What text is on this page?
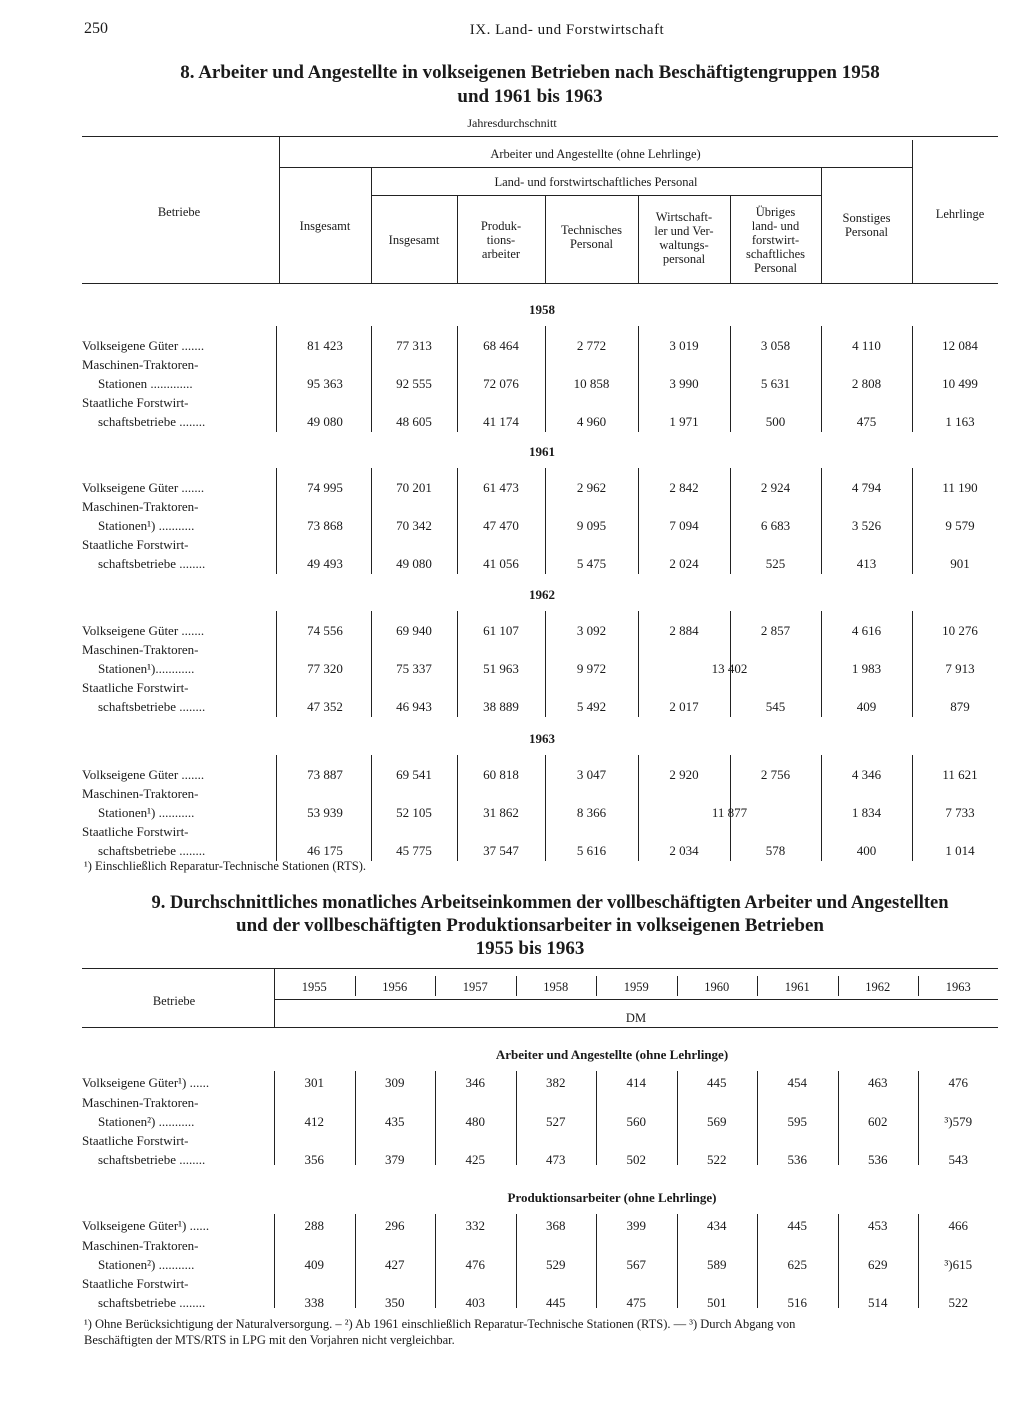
250	IX. Land- und Forstwirtschaft
8. Arbeiter und Angestellte in volkseigenen Betrieben nach Beschäftigtengruppen 1958
und 1961 bis 1963
Jahresdurchschnitt
Betriebe
Arbeiter und Angestellte (ohne Lehrlinge)
Land- und forstwirtschaftliches Personal
Insgesamt
Insgesamt
Produk-
tions-
arbeiter
Technisches
Personal
Wirtschaft-
ler und Ver-
waltungs-
personal
Übriges
land- und
forstwirt-
schaftliches
Personal
Sonstiges
Personal
Lehrlinge
1958
Volkseigene Güter .......	81 423	77 313	68 464	2 772	3 019	3 058	4 110	12 084
Maschinen-Traktoren-
Stationen .............	95 363	92 555	72 076	10 858	3 990	5 631	2 808	10 499
Staatliche Forstwirt-
schaftsbetriebe ........	49 080	48 605	41 174	4 960	1 971	500	475	1 163
1961
Volkseigene Güter .......	74 995	70 201	61 473	2 962	2 842	2 924	4 794	11 190
Maschinen-Traktoren-
Stationen¹) ...........	73 868	70 342	47 470	9 095	7 094	6 683	3 526	9 579
Staatliche Forstwirt-
schaftsbetriebe ........	49 493	49 080	41 056	5 475	2 024	525	413	901
1962
Volkseigene Güter .......	74 556	69 940	61 107	3 092	2 884	2 857	4 616	10 276
Maschinen-Traktoren-
Stationen¹)............	77 320	75 337	51 963	9 972	13 402	1 983	7 913
Staatliche Forstwirt-
schaftsbetriebe ........	47 352	46 943	38 889	5 492	2 017	545	409	879
1963
Volkseigene Güter .......	73 887	69 541	60 818	3 047	2 920	2 756	4 346	11 621
Maschinen-Traktoren-
Stationen¹) ...........	53 939	52 105	31 862	8 366	11 877	1 834	7 733
Staatliche Forstwirt-
schaftsbetriebe ........	46 175	45 775	37 547	5 616	2 034	578	400	1 014
¹) Einschließlich Reparatur-Technische Stationen (RTS).
9. Durchschnittliches monatliches Arbeitseinkommen der vollbeschäftigten Arbeiter und Angestellten
und der vollbeschäftigten Produktionsarbeiter in volkseigenen Betrieben
1955 bis 1963
Betriebe
DM
1955	1956	1957	1958	1959	1960	1961	1962	1963
Arbeiter und Angestellte (ohne Lehrlinge)
Volkseigene Güter¹) ......	301	309	346	382	414	445	454	463	476
Maschinen-Traktoren-
Stationen²) ...........	412	435	480	527	560	569	595	602	³)579
Staatliche Forstwirt-
schaftsbetriebe ........	356	379	425	473	502	522	536	536	543
Produktionsarbeiter (ohne Lehrlinge)
Volkseigene Güter¹) ......	288	296	332	368	399	434	445	453	466
Maschinen-Traktoren-
Stationen²) ...........	409	427	476	529	567	589	625	629	³)615
Staatliche Forstwirt-
schaftsbetriebe ........	338	350	403	445	475	501	516	514	522
¹) Ohne Berücksichtigung der Naturalversorgung. – ²) Ab 1961 einschließlich Reparatur-Technische Stationen (RTS). — ³) Durch Abgang von
Beschäftigten der MTS/RTS in LPG mit den Vorjahren nicht vergleichbar.
